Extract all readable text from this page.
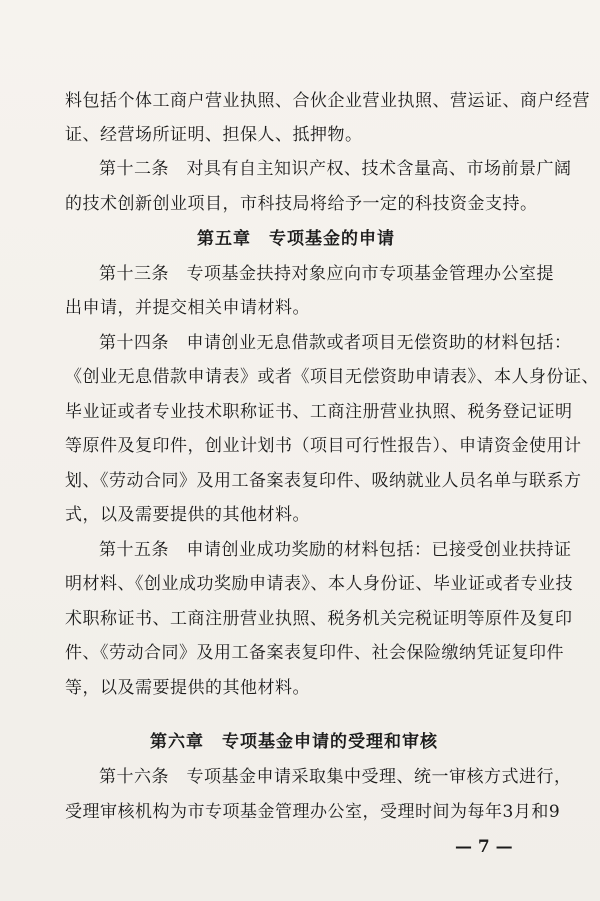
料包括个体工商户营业执照、合伙企业营业执照、营运证、商户经营
证、经营场所证明、担保人、抵押物。
第十二条　对具有自主知识产权、技术含量高、市场前景广阔
的技术创新创业项目，市科技局将给予一定的科技资金支持。
第五章　专项基金的申请
第十三条　专项基金扶持对象应向市专项基金管理办公室提
出申请，并提交相关申请材料。
第十四条　申请创业无息借款或者项目无偿资助的材料包括：
《创业无息借款申请表》或者《项目无偿资助申请表》、本人身份证、
毕业证或者专业技术职称证书、工商注册营业执照、税务登记证明
等原件及复印件，创业计划书（项目可行性报告）、申请资金使用计
划、《劳动合同》及用工备案表复印件、吸纳就业人员名单与联系方
式，以及需要提供的其他材料。
第十五条　申请创业成功奖励的材料包括：已接受创业扶持证
明材料、《创业成功奖励申请表》、本人身份证、毕业证或者专业技
术职称证书、工商注册营业执照、税务机关完税证明等原件及复印
件、《劳动合同》及用工备案表复印件、社会保险缴纳凭证复印件
等，以及需要提供的其他材料。
第六章　专项基金申请的受理和审核
第十六条　专项基金申请采取集中受理、统一审核方式进行，
受理审核机构为市专项基金管理办公室，受理时间为每年3月和9
— 7 —
